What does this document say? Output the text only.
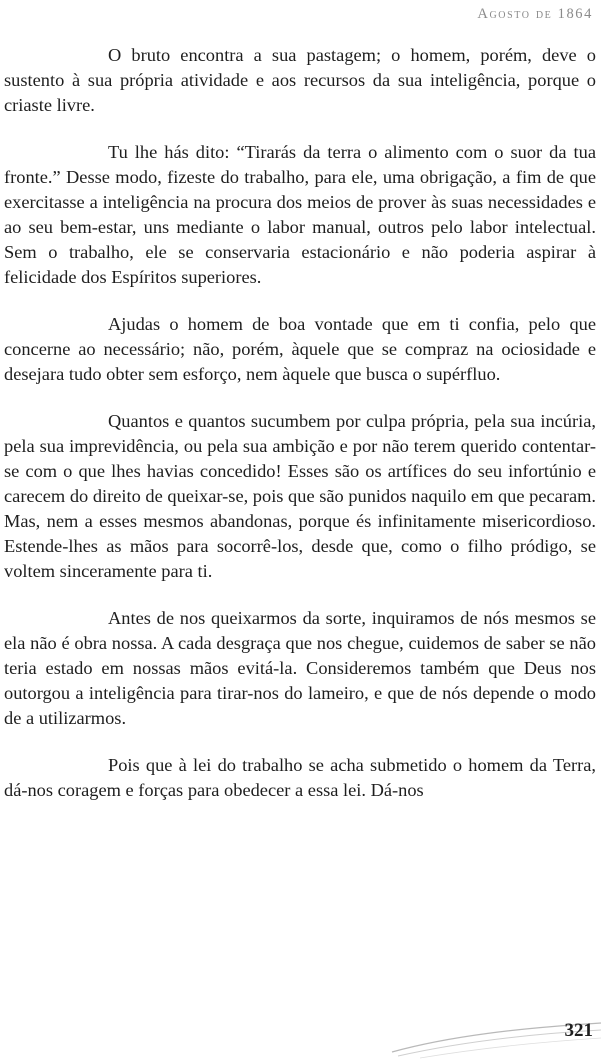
Agosto de 1864

O bruto encontra a sua pastagem; o homem, porém, deve o sustento à sua própria atividade e aos recursos da sua inteligência, porque o criaste livre.

Tu lhe hás dito: “Tirarás da terra o alimento com o suor da tua fronte.” Desse modo, fizeste do trabalho, para ele, uma obrigação, a fim de que exercitasse a inteligência na procura dos meios de prover às suas necessidades e ao seu bem-estar, uns mediante o labor manual, outros pelo labor intelectual. Sem o trabalho, ele se conservaria estacionário e não poderia aspirar à felicidade dos Espíritos superiores.

Ajudas o homem de boa vontade que em ti confia, pelo que concerne ao necessário; não, porém, àquele que se compraz na ociosidade e desejara tudo obter sem esforço, nem àquele que busca o supérfluo.

Quantos e quantos sucumbem por culpa própria, pela sua incúria, pela sua imprevidência, ou pela sua ambição e por não terem querido contentar-se com o que lhes havias concedido! Esses são os artífices do seu infortúnio e carecem do direito de queixar-se, pois que são punidos naquilo em que pecaram. Mas, nem a esses mesmos abandonas, porque és infinitamente misericordioso. Estende-lhes as mãos para socorrê-los, desde que, como o filho pródigo, se voltem sinceramente para ti.

Antes de nos queixarmos da sorte, inquiramos de nós mesmos se ela não é obra nossa. A cada desgraça que nos chegue, cuidemos de saber se não teria estado em nossas mãos evitá-la. Consideremos também que Deus nos outorgou a inteligência para tirar-nos do lameiro, e que de nós depende o modo de a utilizarmos.

Pois que à lei do trabalho se acha submetido o homem da Terra, dá-nos coragem e forças para obedecer a essa lei. Dá-nos

321
